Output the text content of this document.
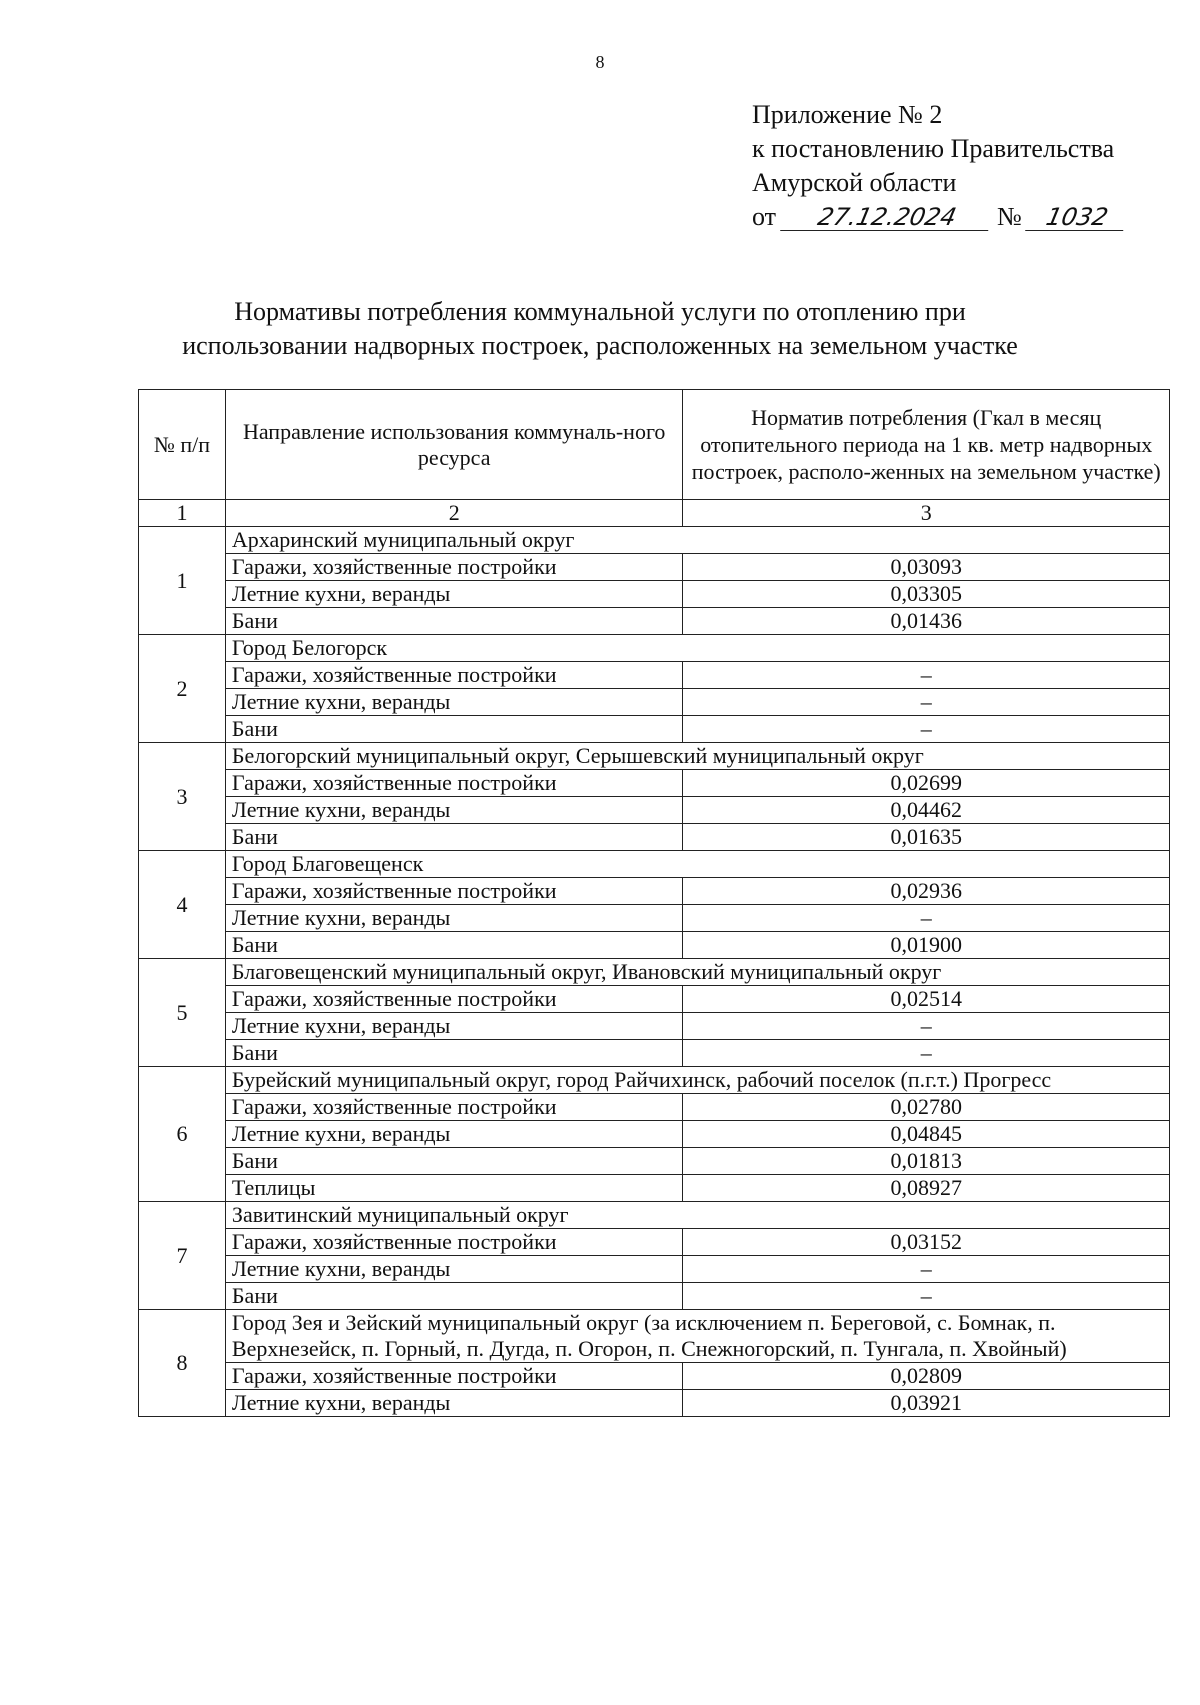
8
Приложение № 2
к постановлению Правительства
Амурской области
от 27.12.2024 № 1032
Нормативы потребления коммунальной услуги по отоплению при
использовании надворных построек, расположенных на земельном участке
№ п/п	Направление использования коммуналь-ного ресурса	Норматив потребления (Гкал в месяц отопительного периода на 1 кв. метр надворных построек, располо-женных на земельном участке)
1	2	3
1	Архаринский муниципальный округ	
	Гаражи, хозяйственные постройки	0,03093
	Летние кухни, веранды	0,03305
	Бани	0,01436
2	Город Белогорск	
	Гаражи, хозяйственные постройки	–
	Летние кухни, веранды	–
	Бани	–
3	Белогорский муниципальный округ, Серышевский муниципальный округ	
	Гаражи, хозяйственные постройки	0,02699
	Летние кухни, веранды	0,04462
	Бани	0,01635
4	Город Благовещенск	
	Гаражи, хозяйственные постройки	0,02936
	Летние кухни, веранды	–
	Бани	0,01900
5	Благовещенский муниципальный округ, Ивановский муниципальный округ	
	Гаражи, хозяйственные постройки	0,02514
	Летние кухни, веранды	–
	Бани	–
6	Бурейский муниципальный округ, город Райчихинск, рабочий поселок (п.г.т.) Прогресс	
	Гаражи, хозяйственные постройки	0,02780
	Летние кухни, веранды	0,04845
	Бани	0,01813
	Теплицы	0,08927
7	Завитинский муниципальный округ	
	Гаражи, хозяйственные постройки	0,03152
	Летние кухни, веранды	–
	Бани	–
8	Город Зея и Зейский муниципальный округ (за исключением п. Береговой, с. Бомнак, п. Верхнезейск, п. Горный, п. Дугда, п. Огорон, п. Снежногорский, п. Тунгала, п. Хвойный)	
	Гаражи, хозяйственные постройки	0,02809
	Летние кухни, веранды	0,03921
